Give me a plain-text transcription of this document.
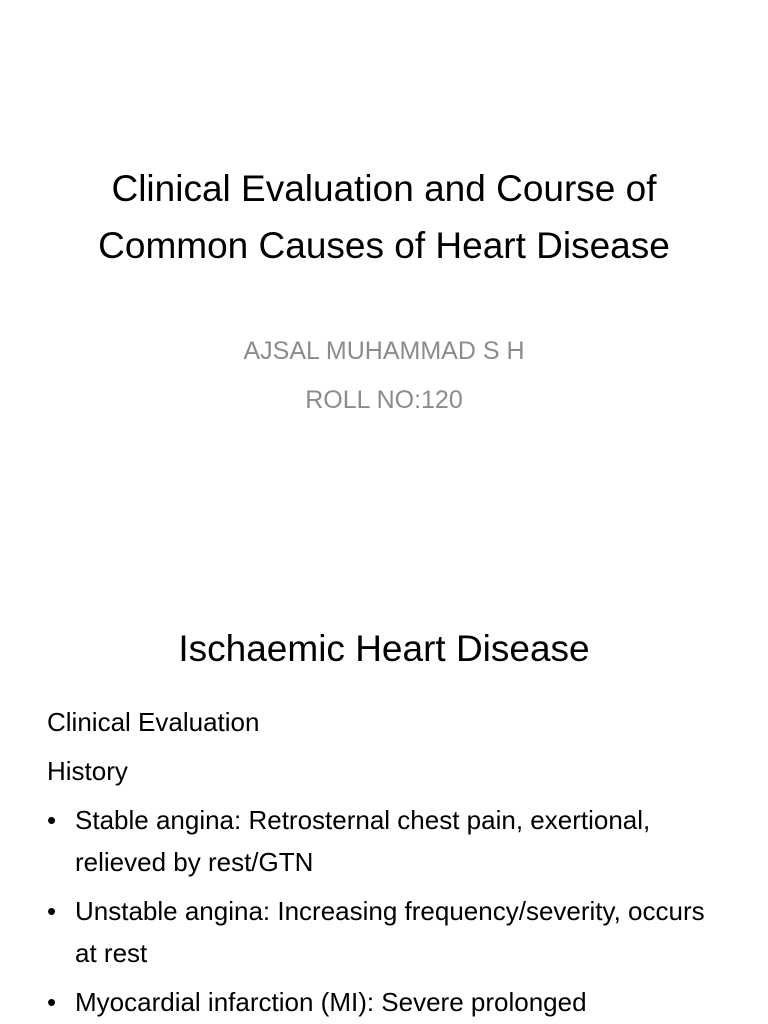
Clinical Evaluation and Course of Common Causes of Heart Disease

AJSAL MUHAMMAD S H

ROLL NO:120

Ischaemic Heart Disease
Clinical Evaluation
History
• Stable angina: Retrosternal chest pain, exertional, relieved by rest/GTN
• Unstable angina: Increasing frequency/severity, occurs at rest
• Myocardial infarction (MI): Severe prolonged
